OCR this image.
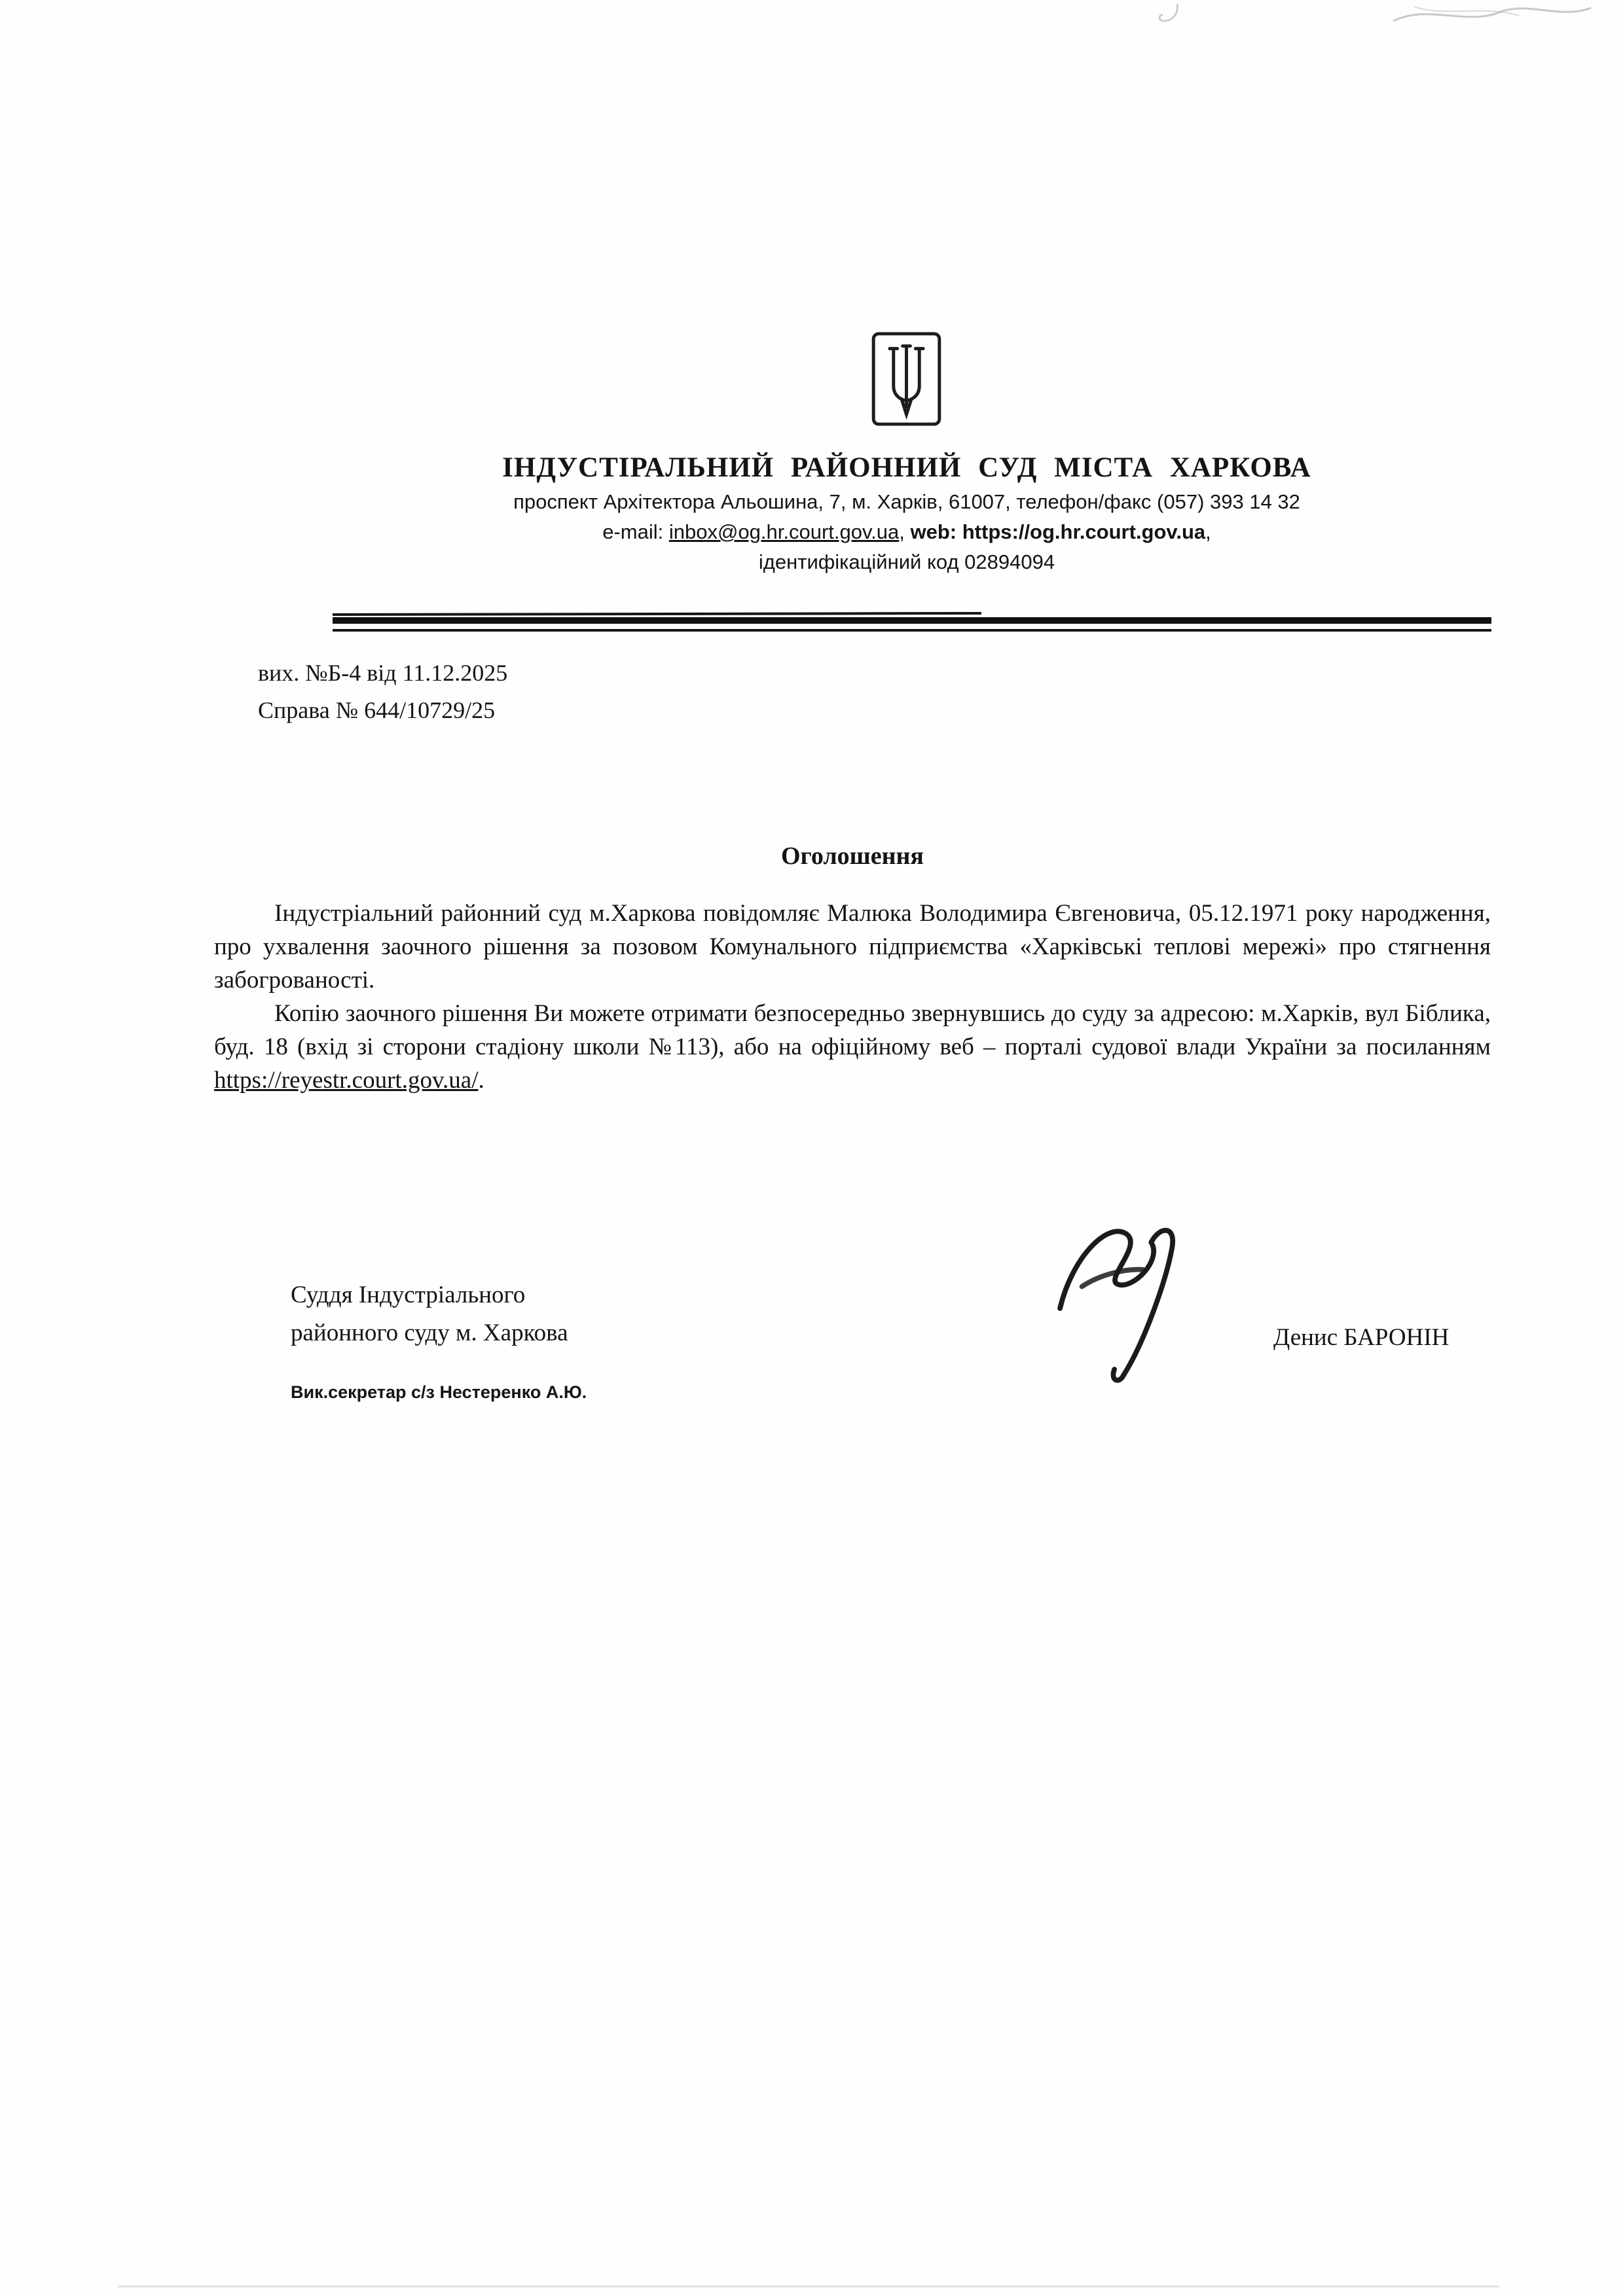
ІНДУСТІРАЛЬНИЙ РАЙОННИЙ СУД МІСТА ХАРКОВА
проспект Архітектора Альошина, 7, м. Харків, 61007, телефон/факс (057) 393 14 32
e-mail: inbox@og.hr.court.gov.ua, web: https://og.hr.court.gov.ua,
ідентифікаційний код 02894094
вих. №Б-4 від 11.12.2025
Справа № 644/10729/25
Оголошення

Індустріальний районний суд м.Харкова повідомляє Малюка Володимира Євгеновича, 05.12.1971 року народження, про ухвалення заочного рішення за позовом Комунального підприємства «Харківські теплові мережі» про стягнення забогрованості.

Копію заочного рішення Ви можете отримати безпосередньо звернувшись до суду за адресою: м.Харків, вул Біблика, буд. 18 (вхід зі сторони стадіону школи №113), або на офіційному веб – порталі судової влади України за посиланням https://reyestr.court.gov.ua/.

Суддя Індустріального
районного суду м. Харкова	Денис БАРОНІН
Вик.секретар с/з Нестеренко А.Ю.
